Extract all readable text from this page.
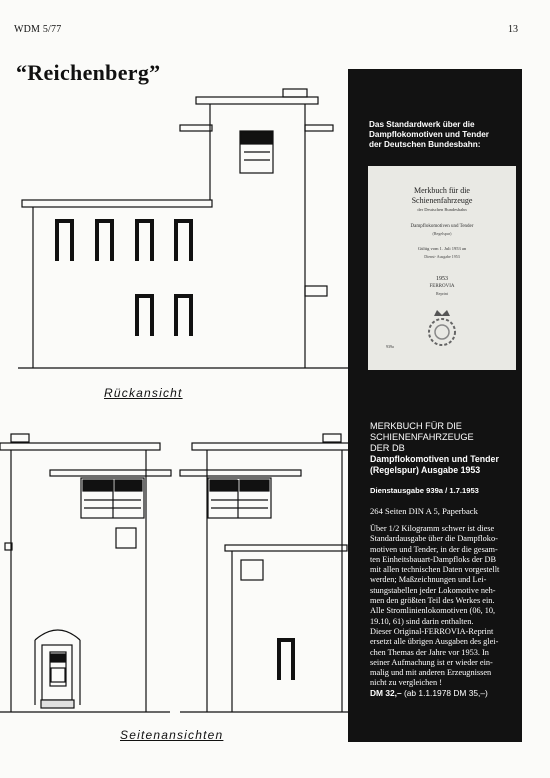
WDM 5/77	13
“Reichenberg”
Rückansicht
Seitenansichten
Das Standardwerk über die
Dampflokomotiven und Tender
der Deutschen Bundesbahn:
Merkbuch für die
Schienenfahrzeuge
der Deutschen Bundesbahn
Dampflokomotiven und Tender
(Regelspur)
Gültig vom 1. Juli 1953 an
Dienst- Ausgabe 1953
1953
FERROVIA
Reprint
939a
MERKBUCH FÜR DIE
SCHIENENFAHRZEUGE
DER DB
Dampflokomotiven und Tender
(Regelspur) Ausgabe 1953
Dienstausgabe 939a / 1.7.1953
264 Seiten DIN A 5, Paperback
Über 1/2 Kilogramm schwer ist diese
Standardausgabe über die Dampfloko-
motiven und Tender, in der die gesam-
ten Einheitsbauart-Dampfloks der DB
mit allen technischen Daten vorgestellt
werden; Maßzeichnungen und Lei-
stungstabellen jeder Lokomotive neh-
men den größten Teil des Werkes ein.
Alle Stromlinienlokomotiven (06, 10,
19.10, 61) sind darin enthalten.
Dieser Original-FERROVIA-Reprint
ersetzt alle übrigen Ausgaben des glei-
chen Themas der Jahre vor 1953. In
seiner Aufmachung ist er wieder ein-
malig und mit anderen Erzeugnissen
nicht zu vergleichen !
DM 32,– (ab 1.1.1978 DM 35,–)
